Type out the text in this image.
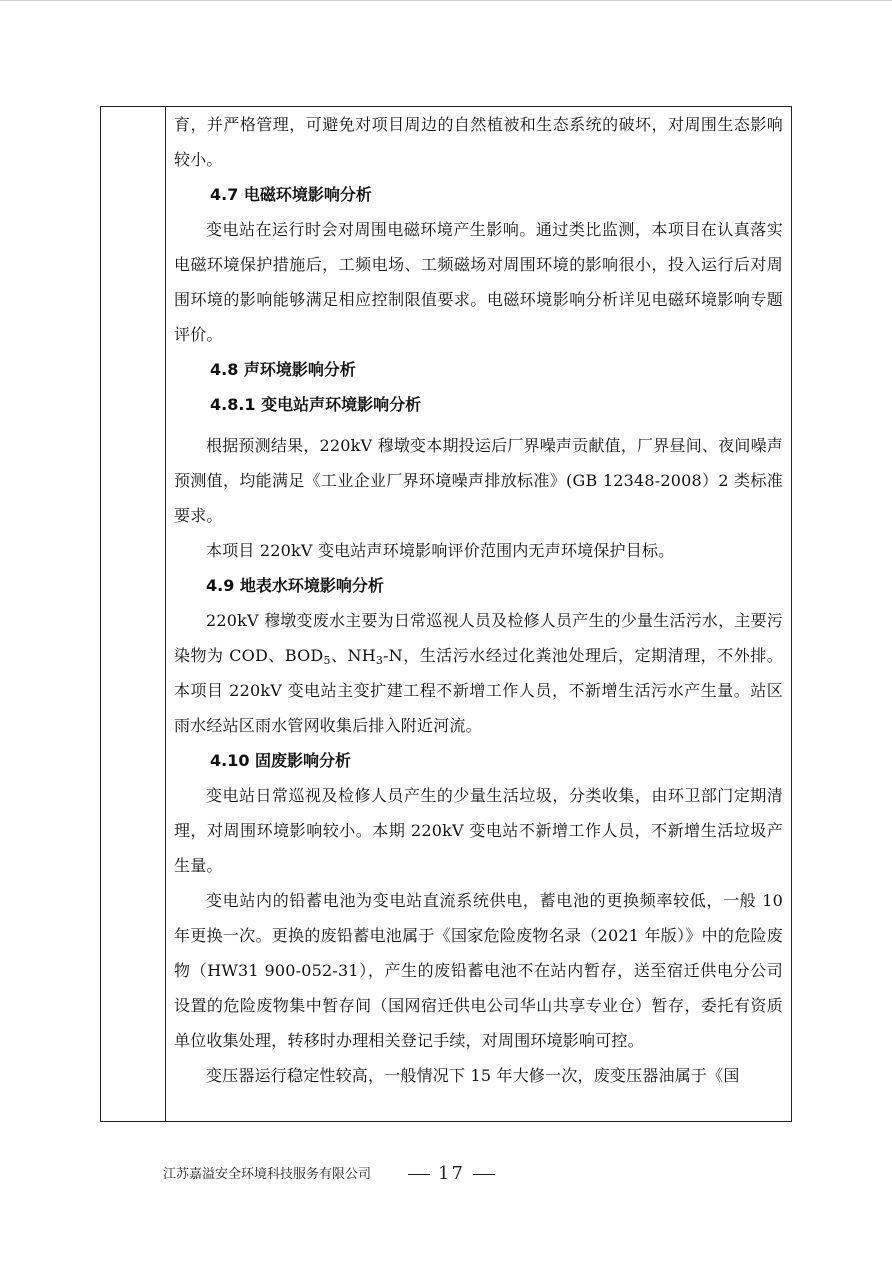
育，并严格管理，可避免对项目周边的自然植被和生态系统的破坏，对周围生态影响较小。

4.7 电磁环境影响分析

变电站在运行时会对周围电磁环境产生影响。通过类比监测，本项目在认真落实电磁环境保护措施后，工频电场、工频磁场对周围环境的影响很小，投入运行后对周围环境的影响能够满足相应控制限值要求。电磁环境影响分析详见电磁环境影响专题评价。

4.8 声环境影响分析

4.8.1 变电站声环境影响分析

根据预测结果，220kV 穆墩变本期投运后厂界噪声贡献值，厂界昼间、夜间噪声预测值，均能满足《工业企业厂界环境噪声排放标准》(GB 12348-2008）2 类标准要求。

本项目 220kV 变电站声环境影响评价范围内无声环境保护目标。

4.9 地表水环境影响分析

220kV 穆墩变废水主要为日常巡视人员及检修人员产生的少量生活污水，主要污染物为 COD、$BOD_5$、$NH_3-N$，生活污水经过化粪池处理后，定期清理，不外排。本项目 220kV 变电站主变扩建工程不新增工作人员，不新增生活污水产生量。站区雨水经站区雨水管网收集后排入附近河流。

4.10 固废影响分析

变电站日常巡视及检修人员产生的少量生活垃圾，分类收集，由环卫部门定期清理，对周围环境影响较小。本期 220kV 变电站不新增工作人员，不新增生活垃圾产生量。

变电站内的铅蓄电池为变电站直流系统供电，蓄电池的更换频率较低，一般 10 年更换一次。更换的废铅蓄电池属于《国家危险废物名录（2021 年版）》中的危险废物（HW31 900-052-31），产生的废铅蓄电池不在站内暂存，送至宿迁供电分公司设置的危险废物集中暂存间（国网宿迁供电公司华山共享专业仓）暂存，委托有资质单位收集处理，转移时办理相关登记手续，对周围环境影响可控。

变压器运行稳定性较高，一般情况下 15 年大修一次，废变压器油属于《国

江苏嘉溢安全环境科技服务有限公司	17
